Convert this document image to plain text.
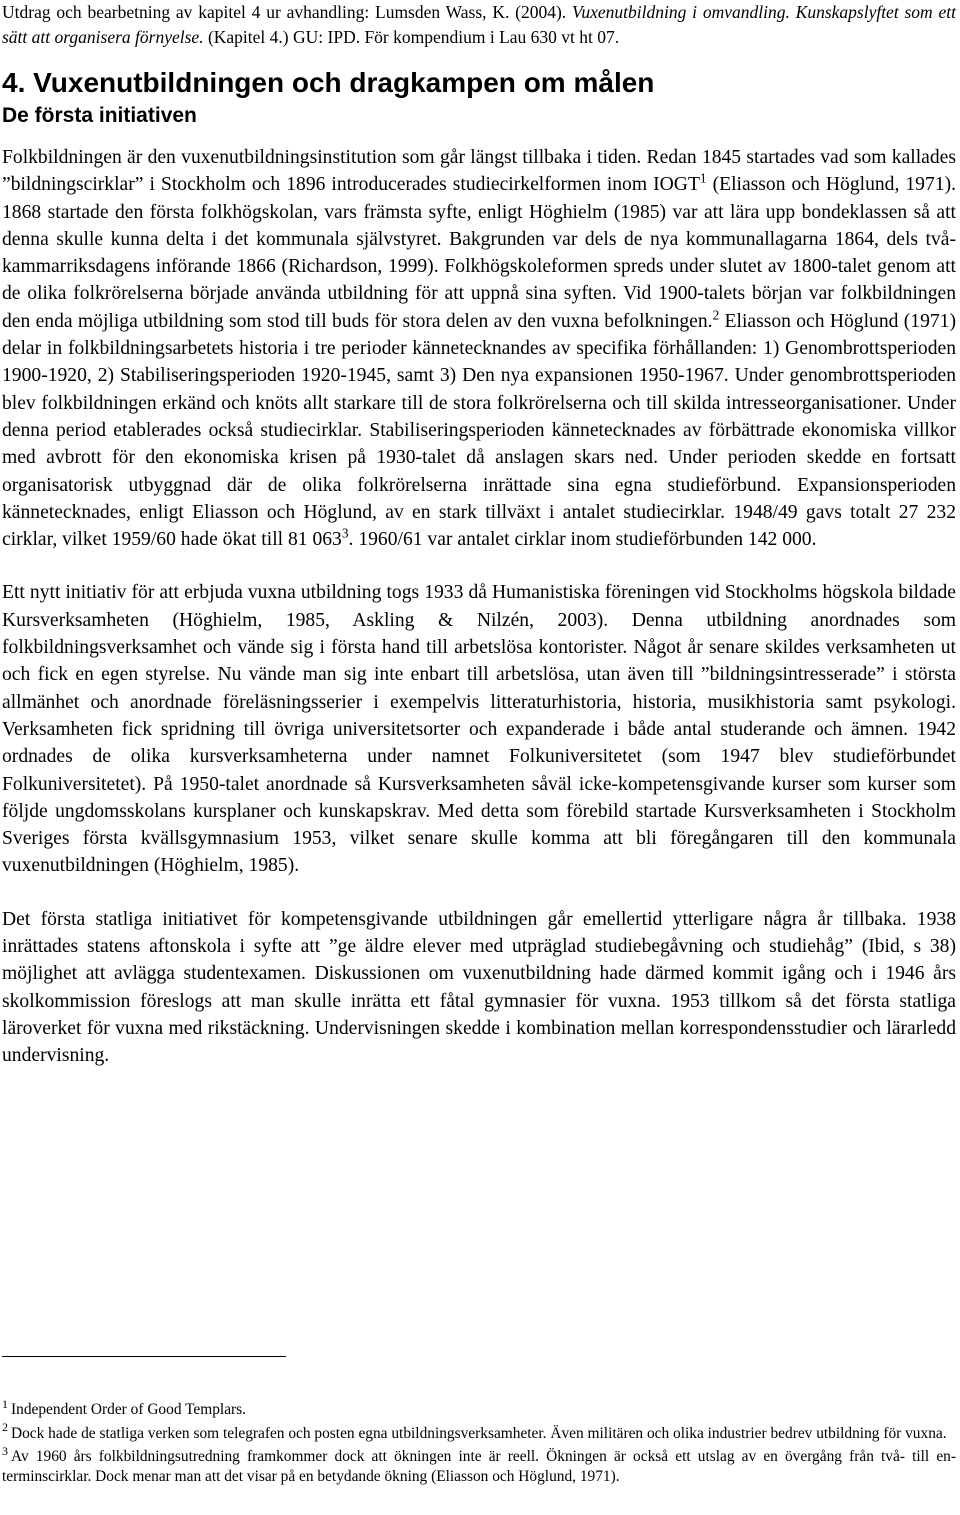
Utdrag och bearbetning av kapitel 4 ur avhandling: Lumsden Wass, K. (2004). Vuxenutbildning i omvandling. Kunskapslyftet som ett sätt att organisera förnyelse. (Kapitel 4.) GU: IPD. För kompendium i Lau 630 vt ht 07.
4. Vuxenutbildningen och dragkampen om målen
De första initiativen

Folkbildningen är den vuxenutbildningsinstitution som går längst tillbaka i tiden. Redan 1845 startades vad som kallades ”bildningscirklar” i Stockholm och 1896 introducerades studiecirkelformen inom IOGT$^1$ (Eliasson och Höglund, 1971). 1868 startade den första folkhögskolan, vars främsta syfte, enligt Höghielm (1985) var att lära upp bondeklassen så att denna skulle kunna delta i det kommunala självstyret. Bakgrunden var dels de nya kommunallagarna 1864, dels två-kammarriksdagens införande 1866 (Richardson, 1999). Folkhögskoleformen spreds under slutet av 1800-talet genom att de olika folkrörelserna började använda utbildning för att uppnå sina syften. Vid 1900-talets början var folkbildningen den enda möjliga utbildning som stod till buds för stora delen av den vuxna befolkningen.$^2$ Eliasson och Höglund (1971) delar in folkbildningsarbetets historia i tre perioder kännetecknandes av specifika förhållanden: 1) Genombrottsperioden 1900-1920, 2) Stabiliseringsperioden 1920-1945, samt 3) Den nya expansionen 1950-1967. Under genombrottsperioden blev folkbildningen erkänd och knöts allt starkare till de stora folkrörelserna och till skilda intresseorganisationer. Under denna period etablerades också studiecirklar. Stabiliseringsperioden kännetecknades av förbättrade ekonomiska villkor med avbrott för den ekonomiska krisen på 1930-talet då anslagen skars ned. Under perioden skedde en fortsatt organisatorisk utbyggnad där de olika folkrörelserna inrättade sina egna studieförbund. Expansionsperioden kännetecknades, enligt Eliasson och Höglund, av en stark tillväxt i antalet studiecirklar. 1948/49 gavs totalt 27 232 cirklar, vilket 1959/60 hade ökat till 81 $063^3$. 1960/61 var antalet cirklar inom studieförbunden 142 000.

Ett nytt initiativ för att erbjuda vuxna utbildning togs 1933 då Humanistiska föreningen vid Stockholms högskola bildade Kursverksamheten (Höghielm, 1985, Askling & Nilzén, 2003). Denna utbildning anordnades som folkbildningsverksamhet och vände sig i första hand till arbetslösa kontorister. Något år senare skildes verksamheten ut och fick en egen styrelse. Nu vände man sig inte enbart till arbetslösa, utan även till ”bildningsintresserade” i största allmänhet och anordnade föreläsningsserier i exempelvis litteraturhistoria, historia, musikhistoria samt psykologi. Verksamheten fick spridning till övriga universitetsorter och expanderade i både antal studerande och ämnen. 1942 ordnades de olika kursverksamheterna under namnet Folkuniversitetet (som 1947 blev studieförbundet Folkuniversitetet). På 1950-talet anordnade så Kursverksamheten såväl icke-kompetensgivande kurser som kurser som följde ungdomsskolans kursplaner och kunskapskrav. Med detta som förebild startade Kursverksamheten i Stockholm Sveriges första kvällsgymnasium 1953, vilket senare skulle komma att bli föregångaren till den kommunala vuxenutbildningen (Höghielm, 1985).

Det första statliga initiativet för kompetensgivande utbildningen går emellertid ytterligare några år tillbaka. 1938 inrättades statens aftonskola i syfte att ”ge äldre elever med utpräglad studiebegåvning och studiehåg” (Ibid, s 38) möjlighet att avlägga studentexamen. Diskussionen om vuxenutbildning hade därmed kommit igång och i 1946 års skolkommission föreslogs att man skulle inrätta ett fåtal gymnasier för vuxna. 1953 tillkom så det första statliga läroverket för vuxna med rikstäckning. Undervisningen skedde i kombination mellan korrespondensstudier och lärarledd undervisning.

$^1$ Independent Order of Good Templars.

$^2$ Dock hade de statliga verken som telegrafen och posten egna utbildningsverksamheter. Även militären och olika industrier bedrev utbildning för vuxna.

$^3$ Av 1960 års folkbildningsutredning framkommer dock att ökningen inte är reell. Ökningen är också ett utslag av en övergång från två- till en-terminscirklar. Dock menar man att det visar på en betydande ökning (Eliasson och Höglund, 1971).
